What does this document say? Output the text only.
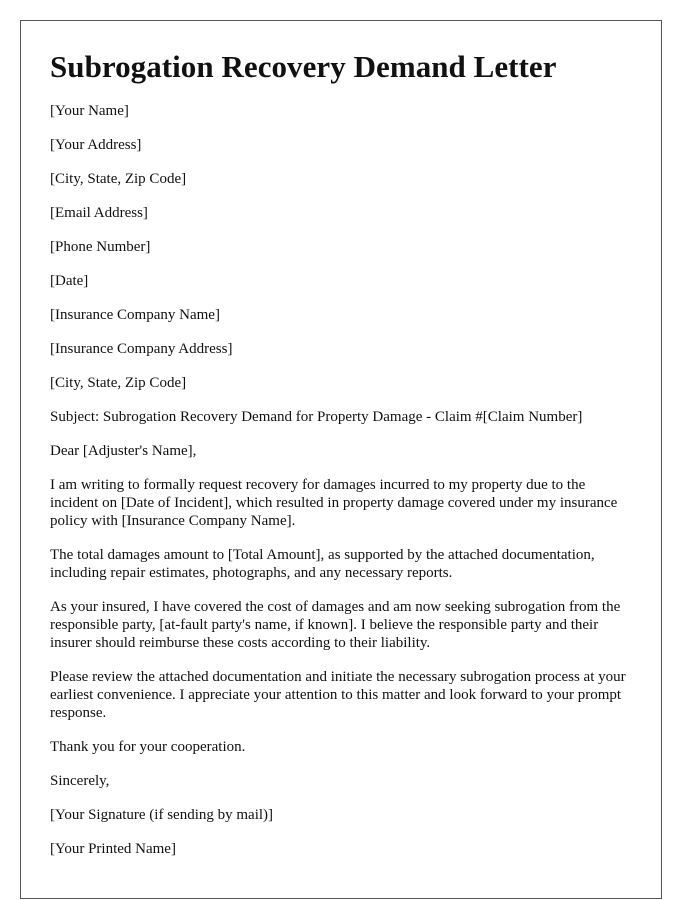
Subrogation Recovery Demand Letter
[Your Name]
[Your Address]
[City, State, Zip Code]
[Email Address]
[Phone Number]
[Date]
[Insurance Company Name]
[Insurance Company Address]
[City, State, Zip Code]
Subject: Subrogation Recovery Demand for Property Damage - Claim #[Claim Number]
Dear [Adjuster's Name],

I am writing to formally request recovery for damages incurred to my property due to the incident on [Date of Incident], which resulted in property damage covered under my insurance policy with [Insurance Company Name].

The total damages amount to [Total Amount], as supported by the attached documentation, including repair estimates, photographs, and any necessary reports.

As your insured, I have covered the cost of damages and am now seeking subrogation from the responsible party, [at-fault party's name, if known]. I believe the responsible party and their insurer should reimburse these costs according to their liability.

Please review the attached documentation and initiate the necessary subrogation process at your earliest convenience. I appreciate your attention to this matter and look forward to your prompt response.

Thank you for your cooperation.
Sincerely,
[Your Signature (if sending by mail)]
[Your Printed Name]
